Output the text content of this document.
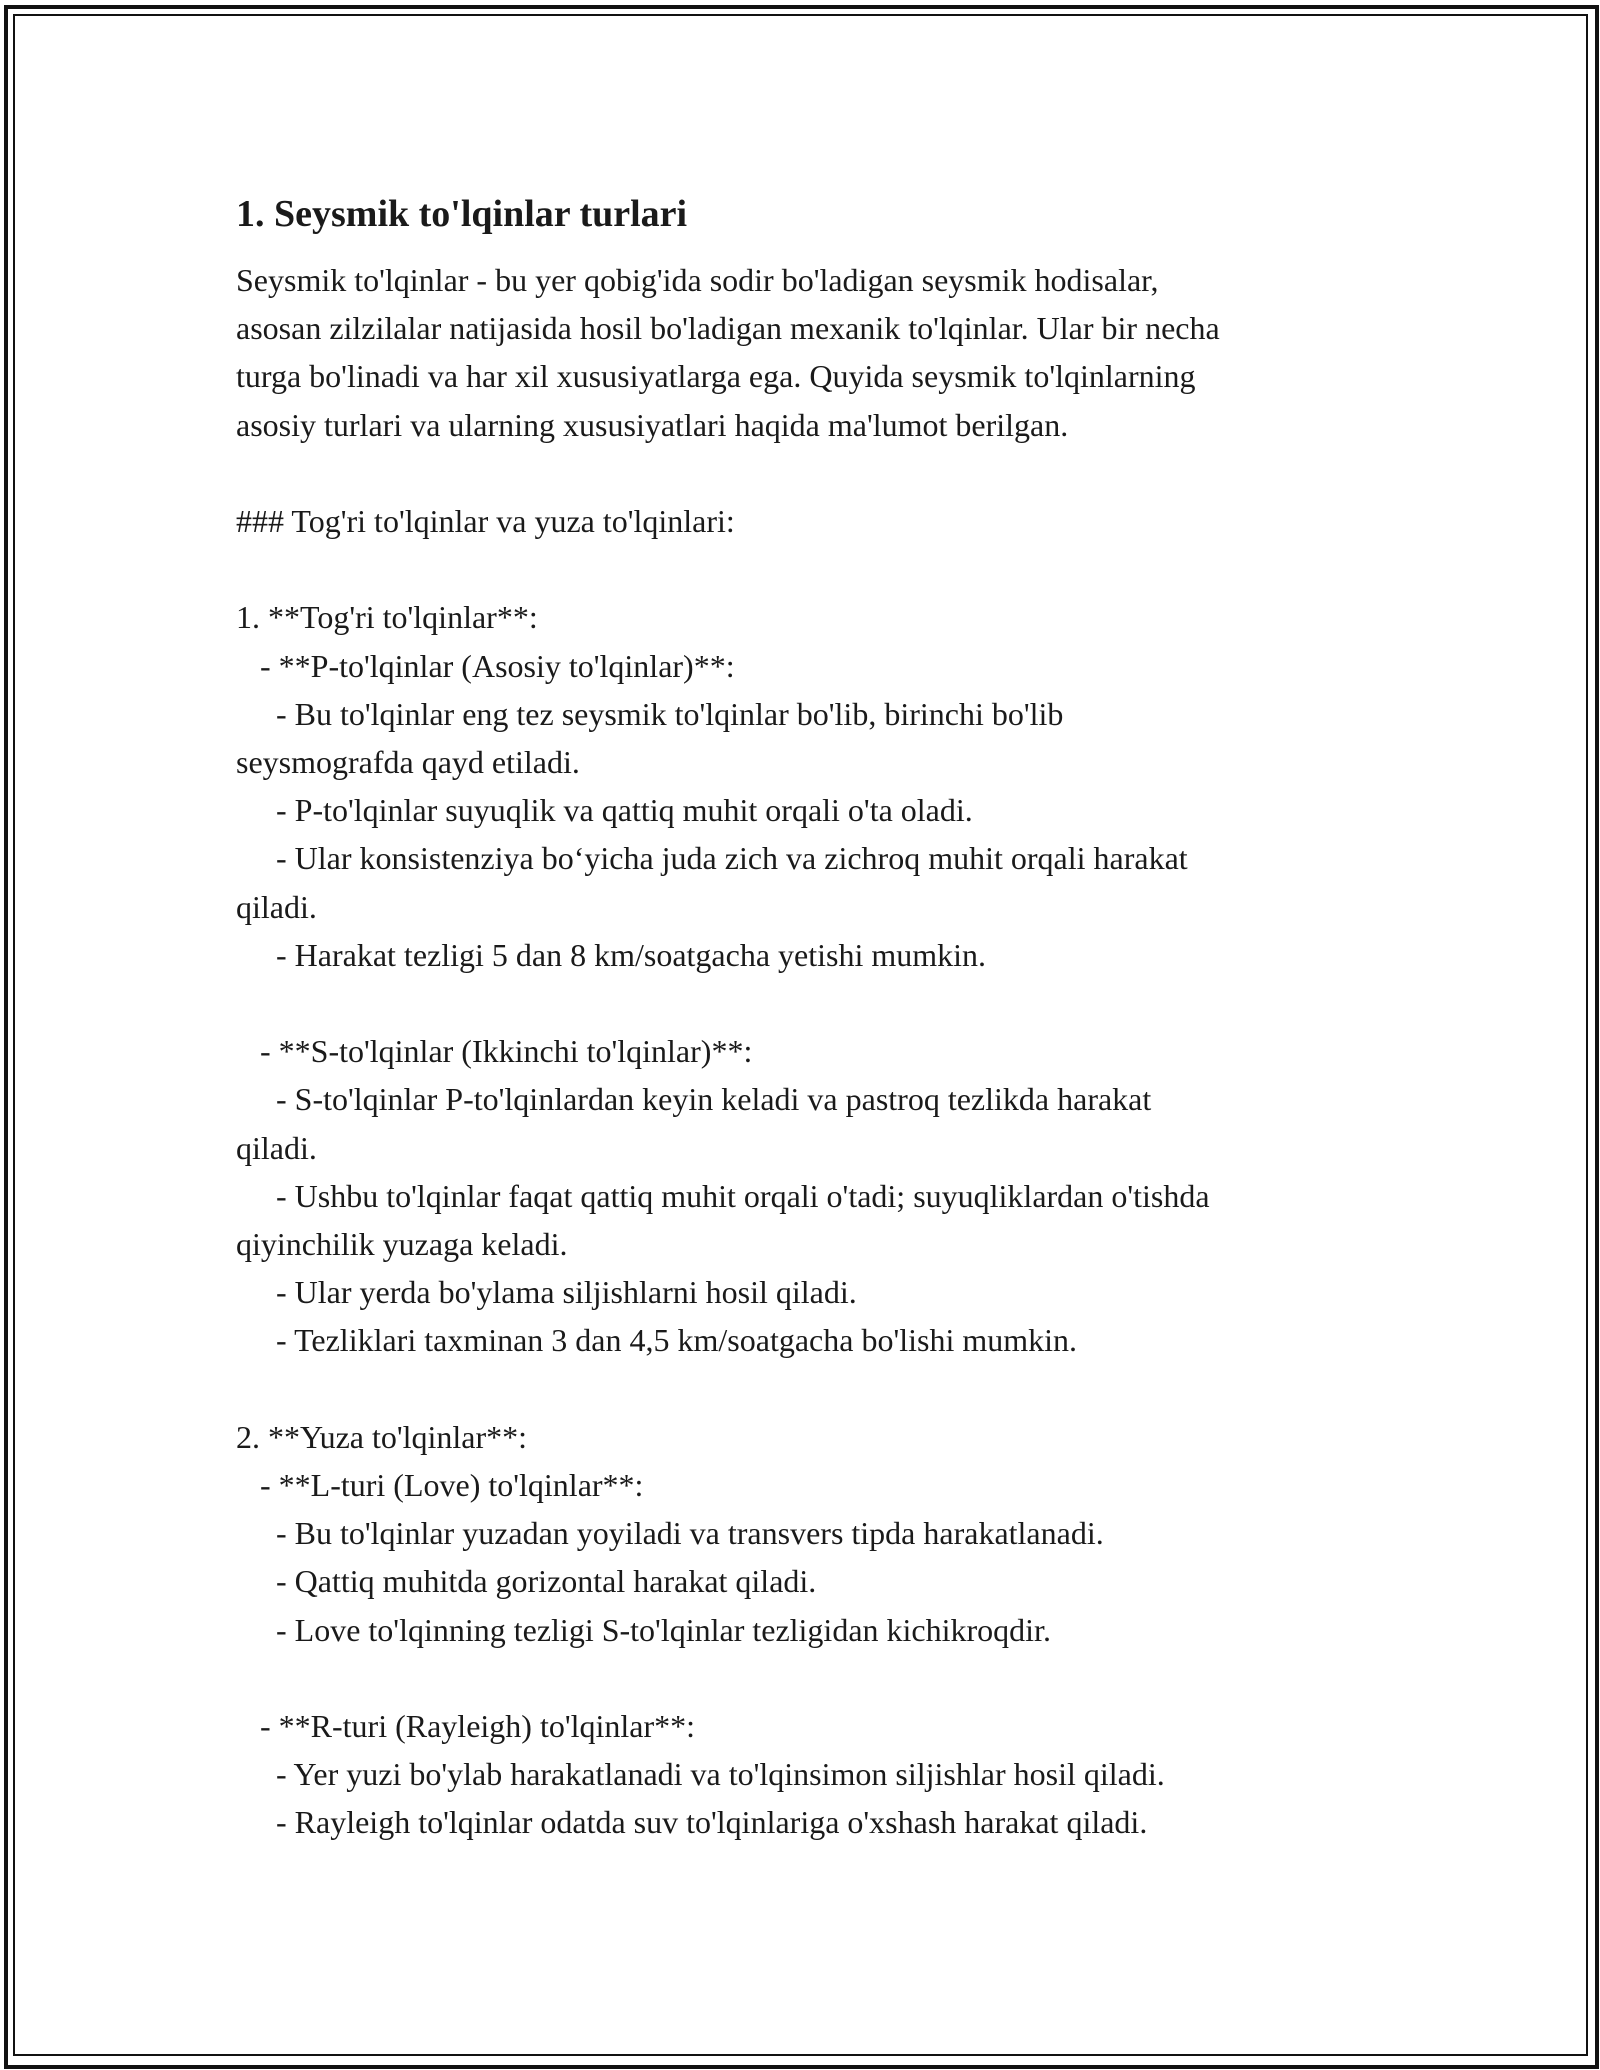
1. Seysmik to'lqinlar turlari

Seysmik to'lqinlar - bu yer qobig'ida sodir bo'ladigan seysmik hodisalar,

asosan zilzilalar natijasida hosil bo'ladigan mexanik to'lqinlar. Ular bir necha

turga bo'linadi va har xil xususiyatlarga ega. Quyida seysmik to'lqinlarning

asosiy turlari va ularning xususiyatlari haqida ma'lumot berilgan.

### Tog'ri to'lqinlar va yuza to'lqinlari:

1. **Tog'ri to'lqinlar**:

- **P-to'lqinlar (Asosiy to'lqinlar)**:

- Bu to'lqinlar eng tez seysmik to'lqinlar bo'lib, birinchi bo'lib

seysmografda qayd etiladi.

- P-to'lqinlar suyuqlik va qattiq muhit orqali o'ta oladi.

- Ular konsistenziya bo‘yicha juda zich va zichroq muhit orqali harakat

qiladi.

- Harakat tezligi 5 dan 8 km/soatgacha yetishi mumkin.

- **S-to'lqinlar (Ikkinchi to'lqinlar)**:

- S-to'lqinlar P-to'lqinlardan keyin keladi va pastroq tezlikda harakat

qiladi.

- Ushbu to'lqinlar faqat qattiq muhit orqali o'tadi; suyuqliklardan o'tishda

qiyinchilik yuzaga keladi.

- Ular yerda bo'ylama siljishlarni hosil qiladi.

- Tezliklari taxminan 3 dan 4,5 km/soatgacha bo'lishi mumkin.

2. **Yuza to'lqinlar**:

- **L-turi (Love) to'lqinlar**:

- Bu to'lqinlar yuzadan yoyiladi va transvers tipda harakatlanadi.

- Qattiq muhitda gorizontal harakat qiladi.

- Love to'lqinning tezligi S-to'lqinlar tezligidan kichikroqdir.

- **R-turi (Rayleigh) to'lqinlar**:

- Yer yuzi bo'ylab harakatlanadi va to'lqinsimon siljishlar hosil qiladi.

- Rayleigh to'lqinlar odatda suv to'lqinlariga o'xshash harakat qiladi.
